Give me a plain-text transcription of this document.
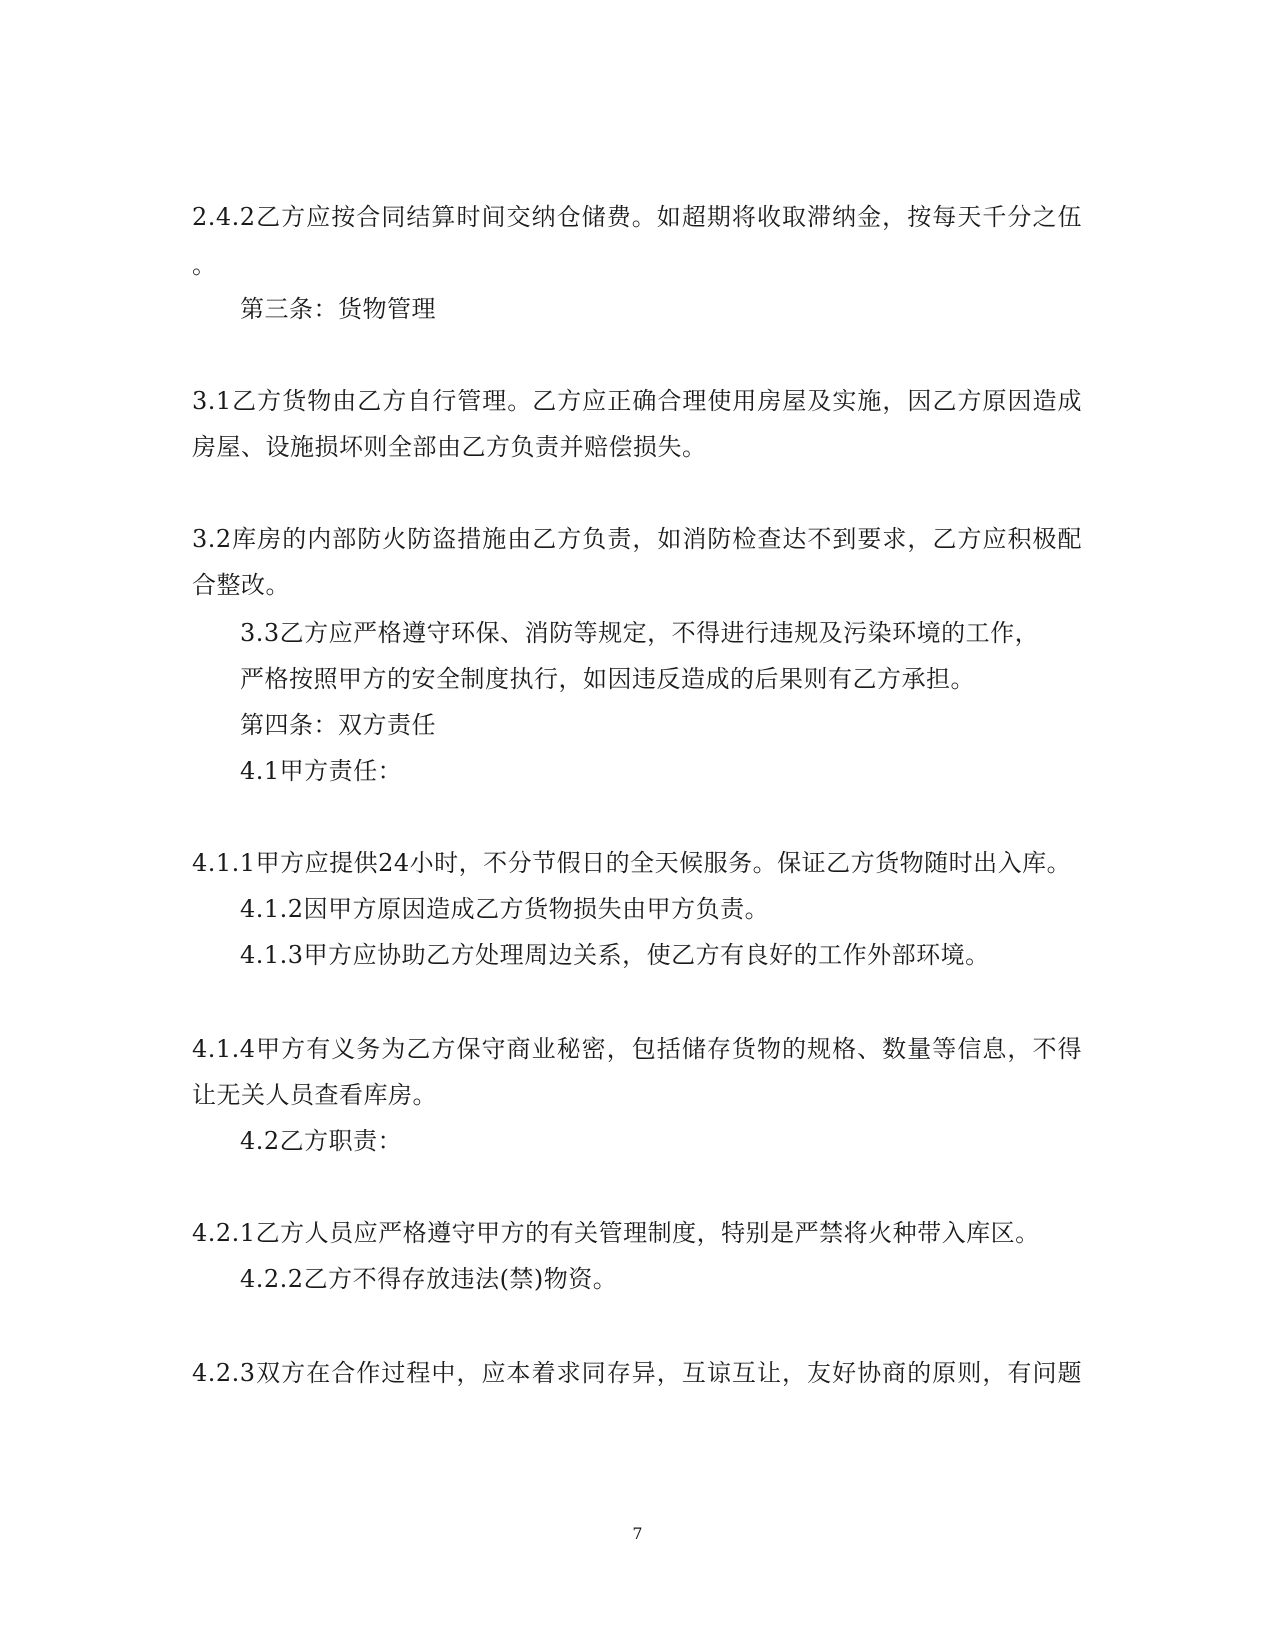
2.4.2乙方应按合同结算时间交纳仓储费。如超期将收取滞纳金，按每天千分之伍
。
第三条：货物管理
3.1乙方货物由乙方自行管理。乙方应正确合理使用房屋及实施，因乙方原因造成
房屋、设施损坏则全部由乙方负责并赔偿损失。
3.2库房的内部防火防盗措施由乙方负责，如消防检查达不到要求，乙方应积极配
合整改。
3.3乙方应严格遵守环保、消防等规定，不得进行违规及污染环境的工作，
严格按照甲方的安全制度执行，如因违反造成的后果则有乙方承担。
第四条：双方责任
4.1甲方责任：
4.1.1甲方应提供24小时，不分节假日的全天候服务。保证乙方货物随时出入库。
4.1.2因甲方原因造成乙方货物损失由甲方负责。
4.1.3甲方应协助乙方处理周边关系，使乙方有良好的工作外部环境。
4.1.4甲方有义务为乙方保守商业秘密，包括储存货物的规格、数量等信息，不得
让无关人员查看库房。
4.2乙方职责：
4.2.1乙方人员应严格遵守甲方的有关管理制度，特别是严禁将火种带入库区。
4.2.2乙方不得存放违法(禁)物资。
4.2.3双方在合作过程中，应本着求同存异，互谅互让，友好协商的原则，有问题
7
